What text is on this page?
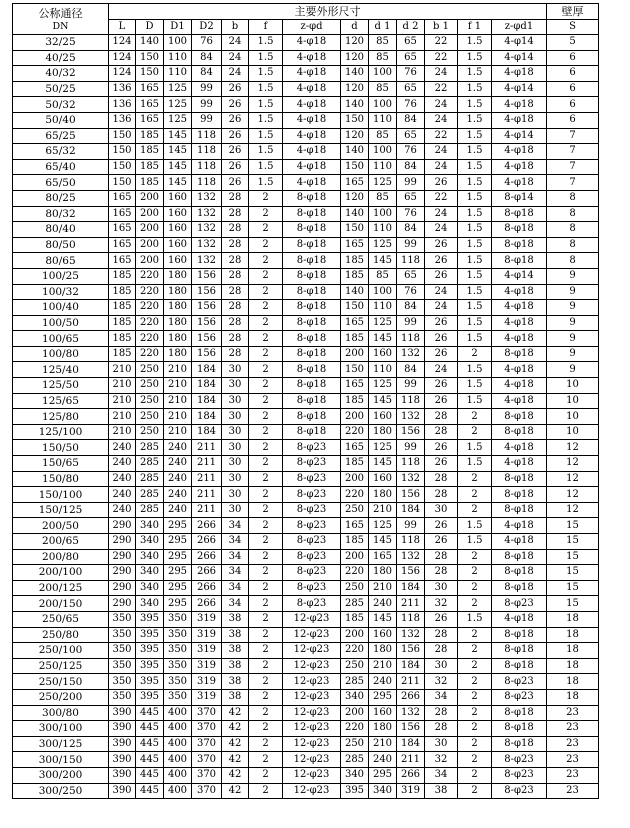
公称通径
DN	主要外形尺寸													壁厚
	L	D	D1	D2	b	f	z-φd	d	d 1	d 2	b 1	f 1	z-φd1	S
32/25	124	140	100	76	24	1.5	4-φ18	120	85	65	22	1.5	4-φ14	5
40/25	124	150	110	84	24	1.5	4-φ18	120	85	65	22	1.5	4-φ14	6
40/32	124	150	110	84	24	1.5	4-φ18	140	100	76	24	1.5	4-φ18	6
50/25	136	165	125	99	26	1.5	4-φ18	120	85	65	22	1.5	4-φ14	6
50/32	136	165	125	99	26	1.5	4-φ18	140	100	76	24	1.5	4-φ18	6
50/40	136	165	125	99	26	1.5	4-φ18	150	110	84	24	1.5	4-φ18	6
65/25	150	185	145	118	26	1.5	4-φ18	120	85	65	22	1.5	4-φ14	7
65/32	150	185	145	118	26	1.5	4-φ18	140	100	76	24	1.5	4-φ18	7
65/40	150	185	145	118	26	1.5	4-φ18	150	110	84	24	1.5	4-φ18	7
65/50	150	185	145	118	26	1.5	4-φ18	165	125	99	26	1.5	4-φ18	7
80/25	165	200	160	132	28	2	8-φ18	120	85	65	22	1.5	8-φ14	8
80/32	165	200	160	132	28	2	8-φ18	140	100	76	24	1.5	8-φ18	8
80/40	165	200	160	132	28	2	8-φ18	150	110	84	24	1.5	8-φ18	8
80/50	165	200	160	132	28	2	8-φ18	165	125	99	26	1.5	8-φ18	8
80/65	165	200	160	132	28	2	8-φ18	185	145	118	26	1.5	8-φ18	8
100/25	185	220	180	156	28	2	8-φ18	185	85	65	26	1.5	4-φ14	9
100/32	185	220	180	156	28	2	8-φ18	140	100	76	24	1.5	4-φ18	9
100/40	185	220	180	156	28	2	8-φ18	150	110	84	24	1.5	4-φ18	9
100/50	185	220	180	156	28	2	8-φ18	165	125	99	26	1.5	4-φ18	9
100/65	185	220	180	156	28	2	8-φ18	185	145	118	26	1.5	4-φ18	9
100/80	185	220	180	156	28	2	8-φ18	200	160	132	26	2	8-φ18	9
125/40	210	250	210	184	30	2	8-φ18	150	110	84	24	1.5	4-φ18	9
125/50	210	250	210	184	30	2	8-φ18	165	125	99	26	1.5	4-φ18	10
125/65	210	250	210	184	30	2	8-φ18	185	145	118	26	1.5	4-φ18	10
125/80	210	250	210	184	30	2	8-φ18	200	160	132	28	2	8-φ18	10
125/100	210	250	210	184	30	2	8-φ18	220	180	156	28	2	8-φ18	10
150/50	240	285	240	211	30	2	8-φ23	165	125	99	26	1.5	4-φ18	12
150/65	240	285	240	211	30	2	8-φ23	185	145	118	26	1.5	4-φ18	12
150/80	240	285	240	211	30	2	8-φ23	200	160	132	28	2	8-φ18	12
150/100	240	285	240	211	30	2	8-φ23	220	180	156	28	2	8-φ18	12
150/125	240	285	240	211	30	2	8-φ23	250	210	184	30	2	8-φ18	12
200/50	290	340	295	266	34	2	8-φ23	165	125	99	26	1.5	4-φ18	15
200/65	290	340	295	266	34	2	8-φ23	185	145	118	26	1.5	4-φ18	15
200/80	290	340	295	266	34	2	8-φ23	200	165	132	28	2	8-φ18	15
200/100	290	340	295	266	34	2	8-φ23	220	180	156	28	2	8-φ18	15
200/125	290	340	295	266	34	2	8-φ23	250	210	184	30	2	8-φ18	15
200/150	290	340	295	266	34	2	8-φ23	285	240	211	32	2	8-φ23	15
250/65	350	395	350	319	38	2	12-φ23	185	145	118	26	1.5	4-φ18	18
250/80	350	395	350	319	38	2	12-φ23	200	160	132	28	2	8-φ18	18
250/100	350	395	350	319	38	2	12-φ23	220	180	156	28	2	8-φ18	18
250/125	350	395	350	319	38	2	12-φ23	250	210	184	30	2	8-φ18	18
250/150	350	395	350	319	38	2	12-φ23	285	240	211	32	2	8-φ23	18
250/200	350	395	350	319	38	2	12-φ23	340	295	266	34	2	8-φ23	18
300/80	390	445	400	370	42	2	12-φ23	200	160	132	28	2	8-φ18	23
300/100	390	445	400	370	42	2	12-φ23	220	180	156	28	2	8-φ18	23
300/125	390	445	400	370	42	2	12-φ23	250	210	184	30	2	8-φ18	23
300/150	390	445	400	370	42	2	12-φ23	285	240	211	32	2	8-φ23	23
300/200	390	445	400	370	42	2	12-φ23	340	295	266	34	2	8-φ23	23
300/250	390	445	400	370	42	2	12-φ23	395	340	319	38	2	8-φ23	23
